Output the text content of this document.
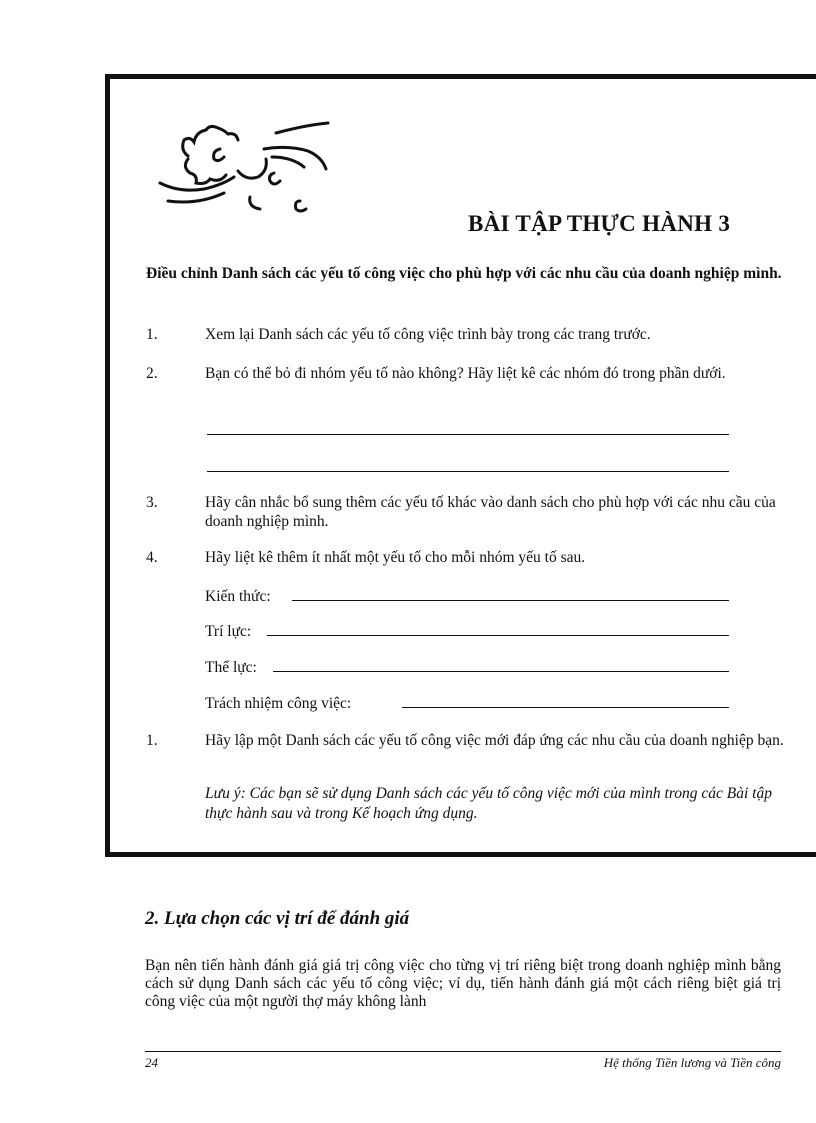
BÀI TẬP THỰC HÀNH 3
Điều chỉnh Danh sách các yếu tố công việc cho phù hợp với các nhu cầu của doanh nghiệp mình.
1.	Xem lại Danh sách các yếu tố công việc trình bày trong các trang trước.
2.	Bạn có thể bỏ đi nhóm yếu tố nào không? Hãy liệt kê các nhóm đó trong phần dưới.
3.	Hãy cân nhắc bổ sung thêm các yếu tố khác vào danh sách cho phù hợp với các nhu cầu của doanh nghiệp mình.
4.	Hãy liệt kê thêm ít nhất một yếu tố cho mỗi nhóm yếu tố sau.
Kiến thức:
Trí lực:
Thể lực:
Trách nhiệm công việc:
1.	Hãy lập một Danh sách các yếu tố công việc mới đáp ứng các nhu cầu của doanh nghiệp bạn.
Lưu ý: Các bạn sẽ sử dụng Danh sách các yếu tố công việc mới của mình trong các Bài tập thực hành sau và trong Kế hoạch ứng dụng.
2. Lựa chọn các vị trí để đánh giá
Bạn nên tiến hành đánh giá giá trị công việc cho từng vị trí riêng biệt trong doanh nghiệp mình bằng cách sử dụng Danh sách các yếu tố công việc; ví dụ, tiến hành đánh giá một cách riêng biệt giá trị công việc của một người thợ máy không lành
24	Hệ thống Tiền lương và Tiền công
